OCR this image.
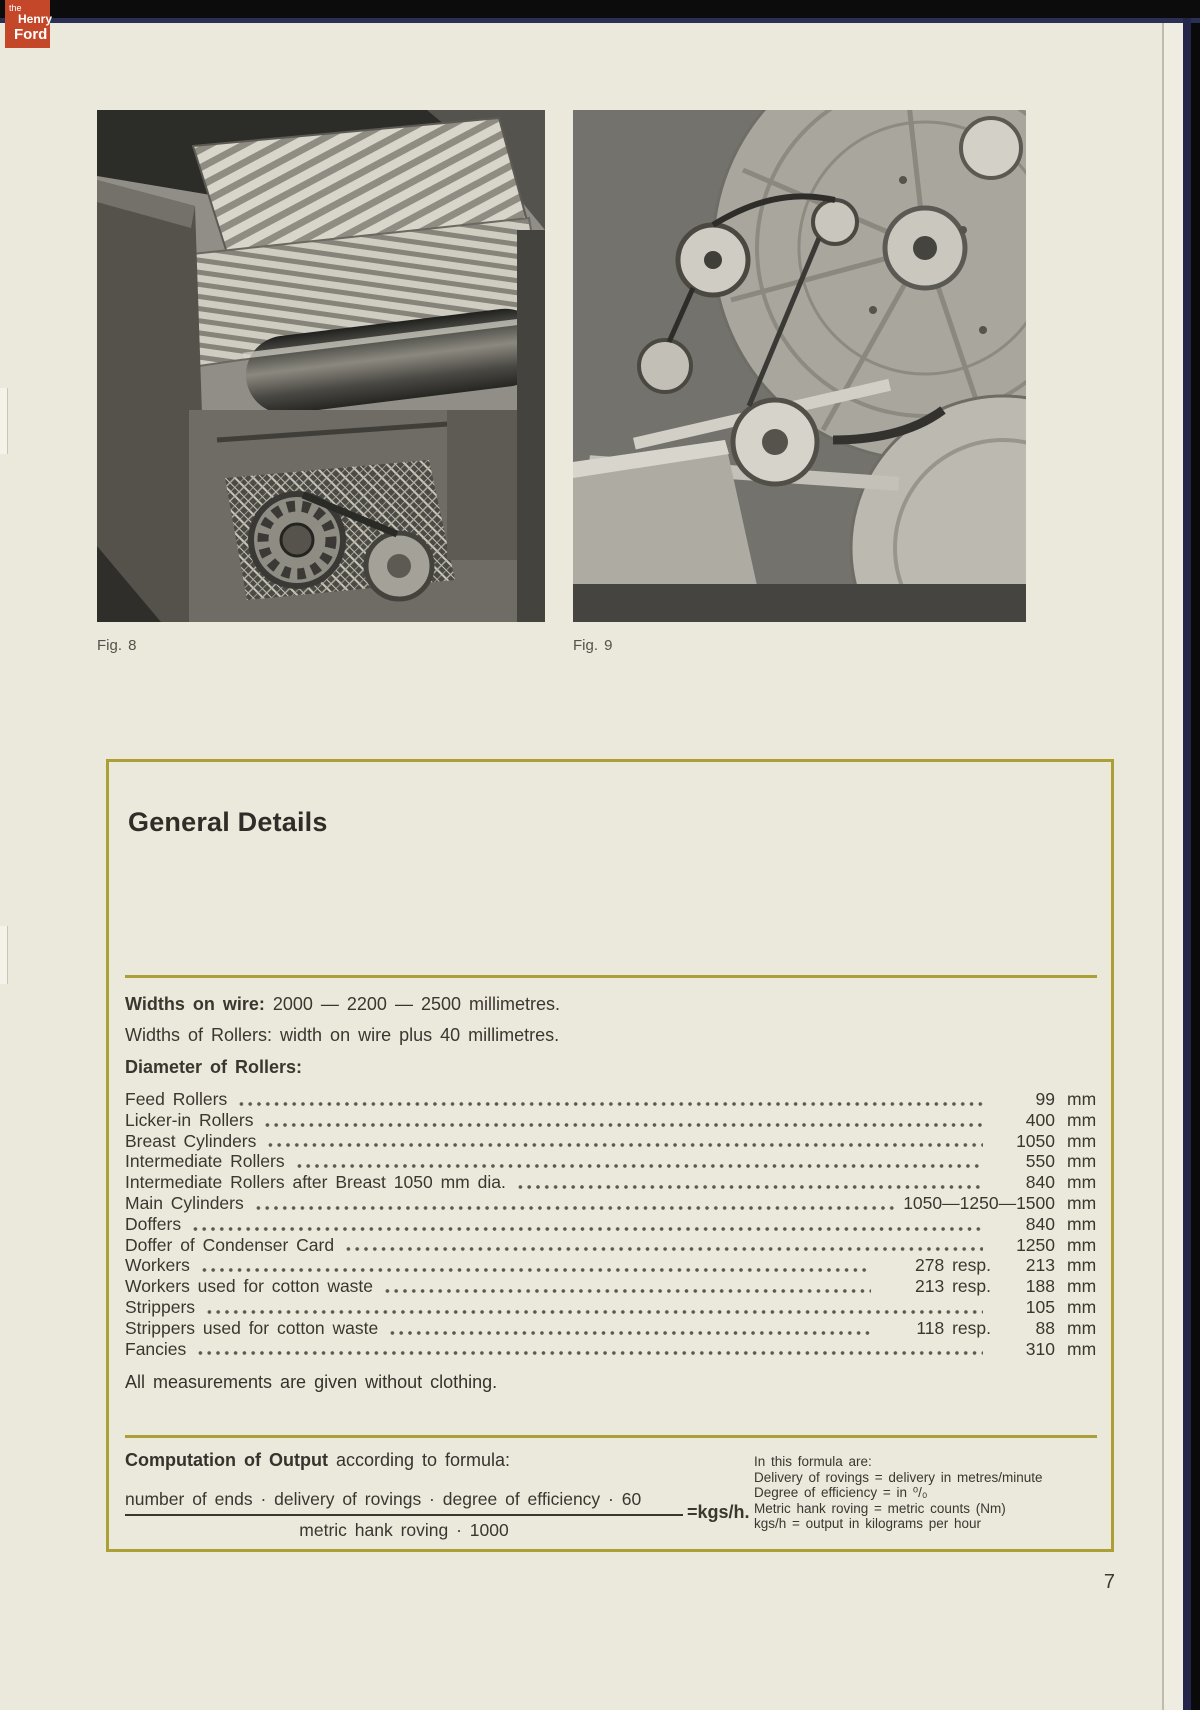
the
Henry
Ford
Fig. 8	Fig. 9
General Details
Widths on wire: 2000 — 2200 — 2500 millimetres.
Widths of Rollers: width on wire plus 40 millimetres.
Diameter of Rollers:
Feed Rollers	99 mm
Licker-in Rollers	400 mm
Breast Cylinders	1050 mm
Intermediate Rollers	550 mm
Intermediate Rollers after Breast 1050 mm dia.	840 mm
Main Cylinders	1050—1250—1500 mm
Doffers	840 mm
Doffer of Condenser Card	1250 mm
Workers	278 resp.	213 mm
Workers used for cotton waste	213 resp.	188 mm
Strippers	105 mm
Strippers used for cotton waste	118 resp.	88 mm
Fancies	310 mm
All measurements are given without clothing.
Computation of Output according to formula:
number of ends · delivery of rovings · degree of efficiency · 60
metric hank roving · 1000
=kgs/h.
In this formula are:
Delivery of rovings = delivery in metres/minute
Degree of efficiency = in ⁰/₀
Metric hank roving = metric counts (Nm)
kgs/h = output in kilograms per hour
7
